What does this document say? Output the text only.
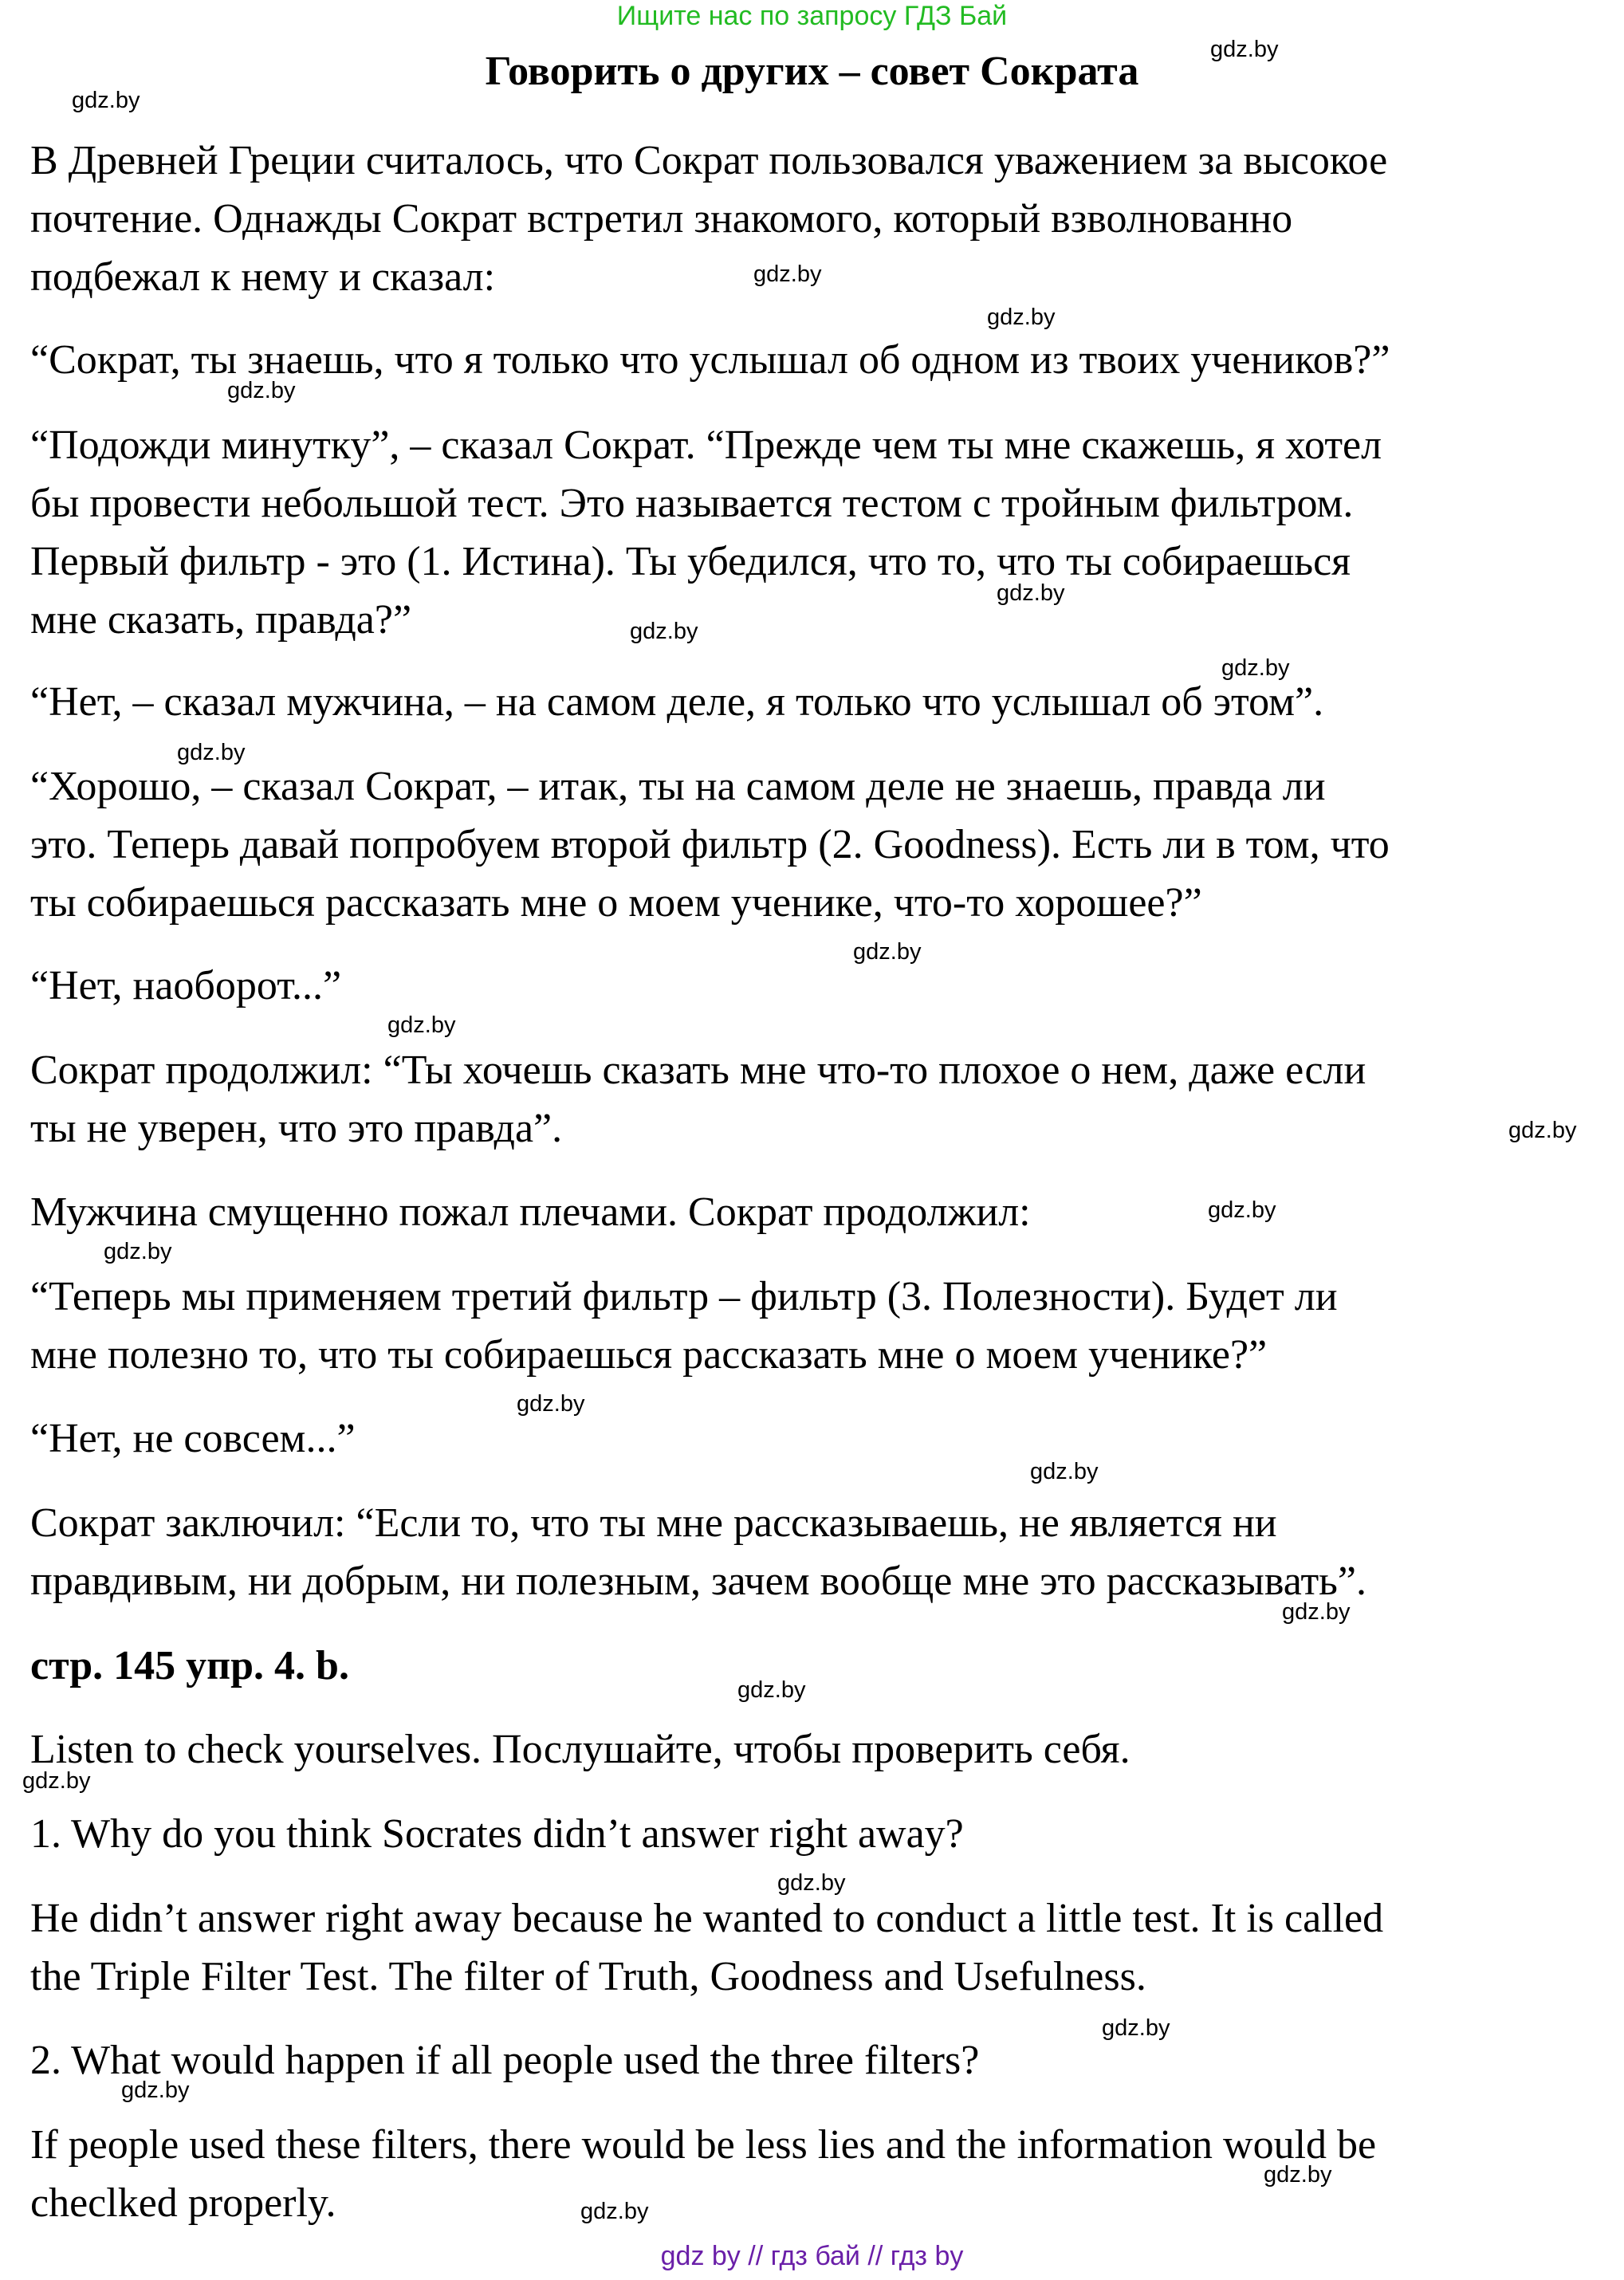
Ищите нас по запросу ГДЗ Бай
Говорить о других – совет Сократа
В Древней Греции считалось, что Сократ пользовался уважением за высокое
почтение. Однажды Сократ встретил знакомого, который взволнованно
подбежал к нему и сказал:
“Сократ, ты знаешь, что я только что услышал об одном из твоих учеников?”
“Подожди минутку”, – сказал Сократ. “Прежде чем ты мне скажешь, я хотел
бы провести небольшой тест. Это называется тестом с тройным фильтром.
Первый фильтр - это (1. Истина). Ты убедился, что то, что ты собираешься
мне сказать, правда?”
“Нет, – сказал мужчина, – на самом деле, я только что услышал об этом”.
“Хорошо, – сказал Сократ, – итак, ты на самом деле не знаешь, правда ли
это. Теперь давай попробуем второй фильтр (2. Goodness). Есть ли в том, что
ты собираешься рассказать мне о моем ученике, что-то хорошее?”
“Нет, наоборот...”
Сократ продолжил: “Ты хочешь сказать мне что-то плохое о нем, даже если
ты не уверен, что это правда”.
Мужчина смущенно пожал плечами. Сократ продолжил:
“Теперь мы применяем третий фильтр – фильтр (3. Полезности). Будет ли
мне полезно то, что ты собираешься рассказать мне о моем ученике?”
“Нет, не совсем...”
Сократ заключил: “Если то, что ты мне рассказываешь, не является ни
правдивым, ни добрым, ни полезным, зачем вообще мне это рассказывать”.
стр. 145 упр. 4. b.
Listen to check yourselves. Послушайте, чтобы проверить себя.
1. Why do you think Socrates didn’t answer right away?
He didn’t answer right away because he wanted to conduct a little test. It is called
the Triple Filter Test. The filter of Truth, Goodness and Usefulness.
2. What would happen if all people used the three filters?
If people used these filters, there would be less lies and the information would be
checlked properly.
gdz.by
gdz.by
gdz.by
gdz.by
gdz.by
gdz.by
gdz.by
gdz.by
gdz.by
gdz.by
gdz.by
gdz.by
gdz.by
gdz.by
gdz.by
gdz.by
gdz.by
gdz.by
gdz.by
gdz.by
gdz.by
gdz.by
gdz.by
gdz.by
gdz by // гдз бай // гдз by
